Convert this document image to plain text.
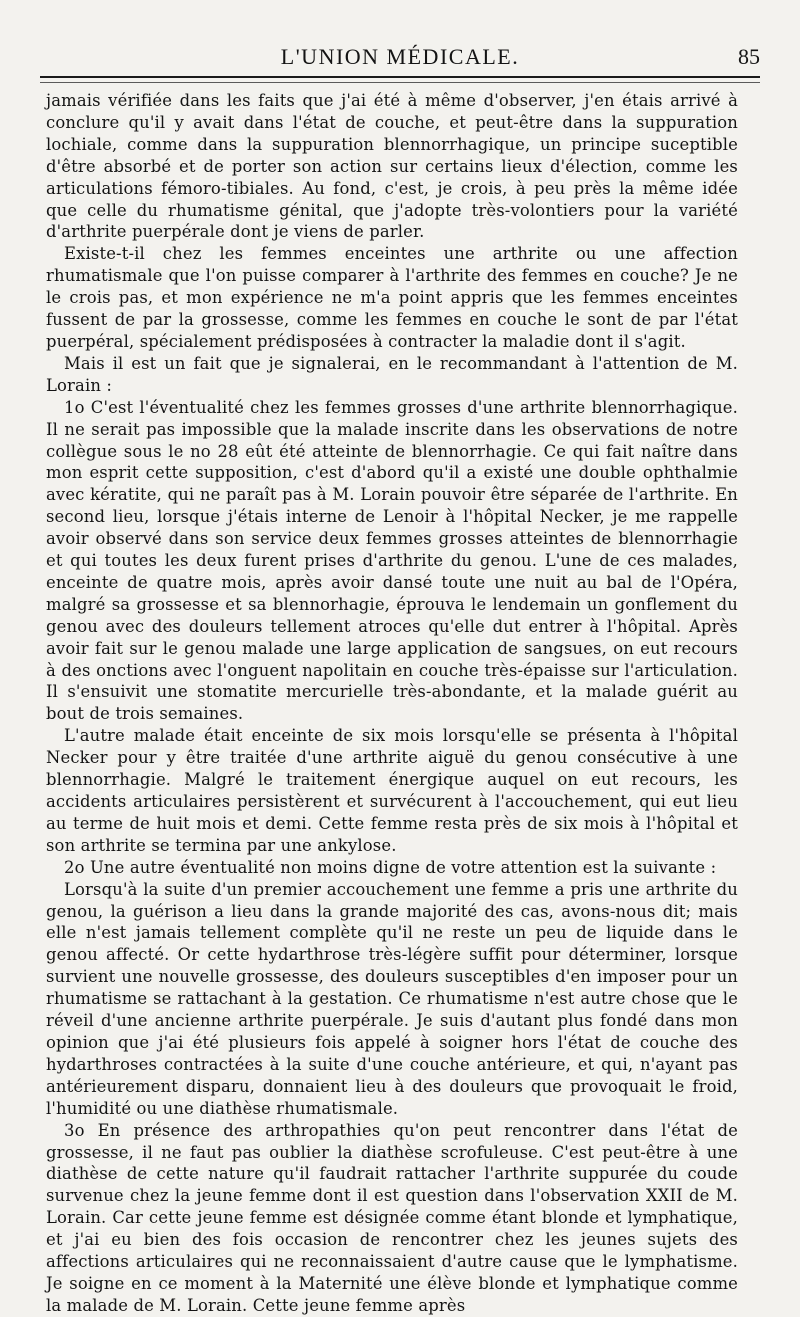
L'UNION MÉDICALE.	85

jamais vérifiée dans les faits que j'ai été à même d'observer, j'en étais arrivé à conclure qu'il y avait dans l'état de couche, et peut-être dans la suppuration lochiale, comme dans la suppuration blennorrhagique, un principe suceptible d'être absorbé et de porter son action sur certains lieux d'élection, comme les articulations fémoro-tibiales. Au fond, c'est, je crois, à peu près la même idée que celle du rhumatisme génital, que j'adopte très-volontiers pour la variété d'arthrite puerpérale dont je viens de parler.

Existe-t-il chez les femmes enceintes une arthrite ou une affection rhumatismale que l'on puisse comparer à l'arthrite des femmes en couche? Je ne le crois pas, et mon expérience ne m'a point appris que les femmes enceintes fussent de par la grossesse, comme les femmes en couche le sont de par l'état puerpéral, spécialement prédisposées à contracter la maladie dont il s'agit.

Mais il est un fait que je signalerai, en le recommandant à l'attention de M. Lorain :

1o C'est l'éventualité chez les femmes grosses d'une arthrite blennorrhagique. Il ne serait pas impossible que la malade inscrite dans les observations de notre collègue sous le no 28 eût été atteinte de blennorrhagie. Ce qui fait naître dans mon esprit cette supposition, c'est d'abord qu'il a existé une double ophthalmie avec kératite, qui ne paraît pas à M. Lorain pouvoir être séparée de l'arthrite. En second lieu, lorsque j'étais interne de Lenoir à l'hôpital Necker, je me rappelle avoir observé dans son service deux femmes grosses atteintes de blennorrhagie et qui toutes les deux furent prises d'arthrite du genou. L'une de ces malades, enceinte de quatre mois, après avoir dansé toute une nuit au bal de l'Opéra, malgré sa grossesse et sa blennorhagie, éprouva le lendemain un gonflement du genou avec des douleurs tellement atroces qu'elle dut entrer à l'hôpital. Après avoir fait sur le genou malade une large application de sangsues, on eut recours à des onctions avec l'onguent napolitain en couche très-épaisse sur l'articulation. Il s'ensuivit une stomatite mercurielle très-abondante, et la malade guérit au bout de trois semaines.

L'autre malade était enceinte de six mois lorsqu'elle se présenta à l'hôpital Necker pour y être traitée d'une arthrite aiguë du genou consécutive à une blennorrhagie. Malgré le traitement énergique auquel on eut recours, les accidents articulaires persistèrent et survécurent à l'accouchement, qui eut lieu au terme de huit mois et demi. Cette femme resta près de six mois à l'hôpital et son arthrite se termina par une ankylose.

2o Une autre éventualité non moins digne de votre attention est la suivante :

Lorsqu'à la suite d'un premier accouchement une femme a pris une arthrite du genou, la guérison a lieu dans la grande majorité des cas, avons-nous dit; mais elle n'est jamais tellement complète qu'il ne reste un peu de liquide dans le genou affecté. Or cette hydarthrose très-légère suffit pour déterminer, lorsque survient une nouvelle grossesse, des douleurs susceptibles d'en imposer pour un rhumatisme se rattachant à la gestation. Ce rhumatisme n'est autre chose que le réveil d'une ancienne arthrite puerpérale. Je suis d'autant plus fondé dans mon opinion que j'ai été plusieurs fois appelé à soigner hors l'état de couche des hydarthroses contractées à la suite d'une couche antérieure, et qui, n'ayant pas antérieurement disparu, donnaient lieu à des douleurs que provoquait le froid, l'humidité ou une diathèse rhumatismale.

3o En présence des arthropathies qu'on peut rencontrer dans l'état de grossesse, il ne faut pas oublier la diathèse scrofuleuse. C'est peut-être à une diathèse de cette nature qu'il faudrait rattacher l'arthrite suppurée du coude survenue chez la jeune femme dont il est question dans l'observation XXII de M. Lorain. Car cette jeune femme est désignée comme étant blonde et lymphatique, et j'ai eu bien des fois occasion de rencontrer chez les jeunes sujets des affections articulaires qui ne reconnaissaient d'autre cause que le lymphatisme. Je soigne en ce moment à la Maternité une élève blonde et lymphatique comme la malade de M. Lorain. Cette jeune femme après
